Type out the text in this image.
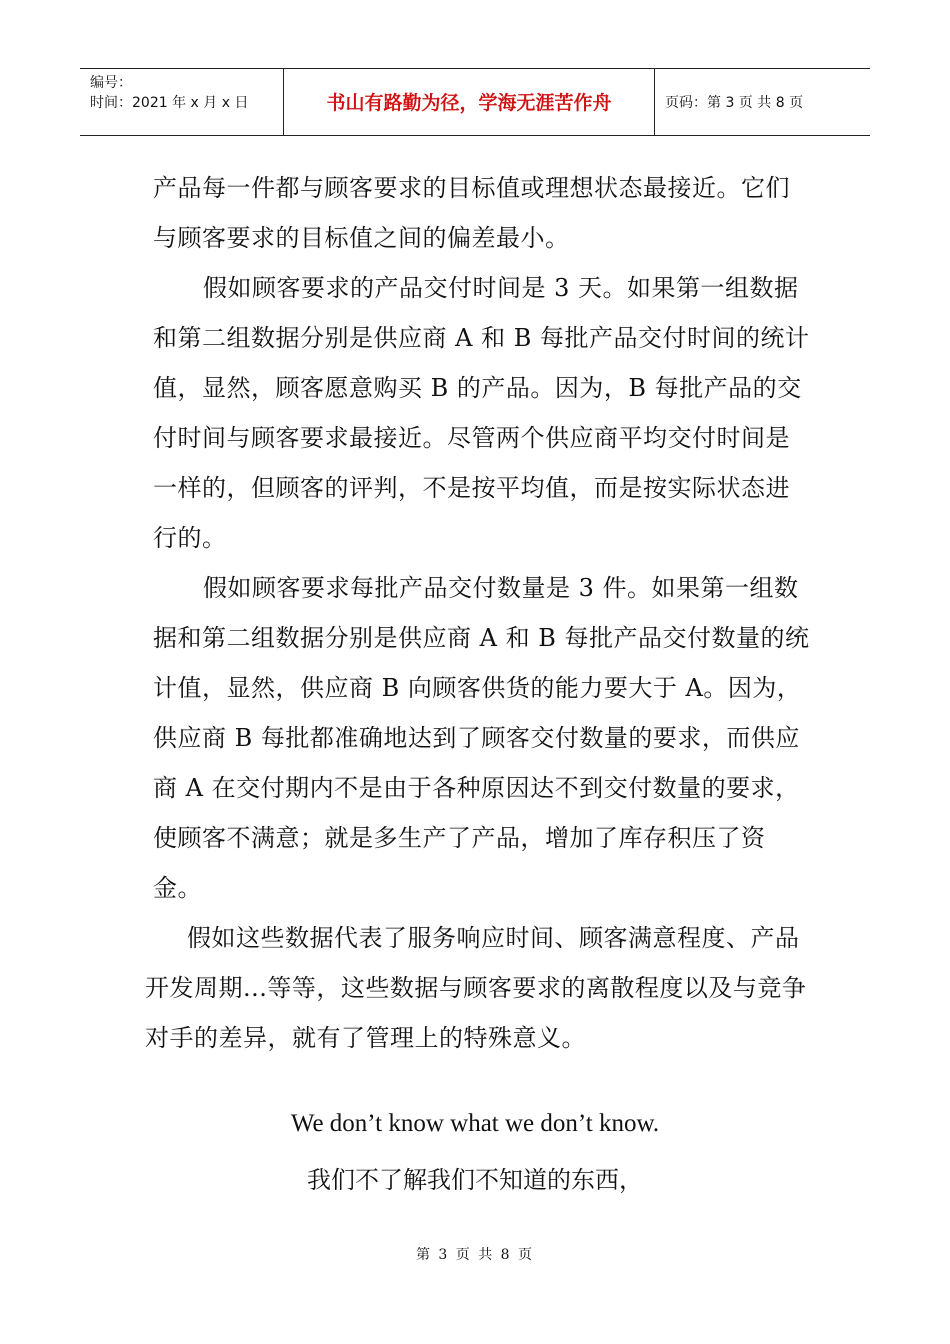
编号：
时间：2021 年 x 月 x 日	书山有路勤为径，学海无涯苦作舟	页码：第 3 页 共 8 页

产品每一件都与顾客要求的目标值或理想状态最接近。它们与顾客要求的目标值之间的偏差最小。

假如顾客要求的产品交付时间是 3 天。如果第一组数据和第二组数据分别是供应商 A 和 B 每批产品交付时间的统计值，显然，顾客愿意购买 B 的产品。因为，B 每批产品的交付时间与顾客要求最接近。尽管两个供应商平均交付时间是一样的，但顾客的评判，不是按平均值，而是按实际状态进行的。

假如顾客要求每批产品交付数量是 3 件。如果第一组数据和第二组数据分别是供应商 A 和 B 每批产品交付数量的统计值，显然，供应商 B 向顾客供货的能力要大于 A。因为，供应商 B 每批都准确地达到了顾客交付数量的要求，而供应商 A 在交付期内不是由于各种原因达不到交付数量的要求，使顾客不满意；就是多生产了产品，增加了库存积压了资金。

假如这些数据代表了服务响应时间、顾客满意程度、产品开发周期...等等，这些数据与顾客要求的离散程度以及与竞争对手的差异，就有了管理上的特殊意义。

We don’t know what we don’t know.
我们不了解我们不知道的东西，
第 3 页 共 8 页
